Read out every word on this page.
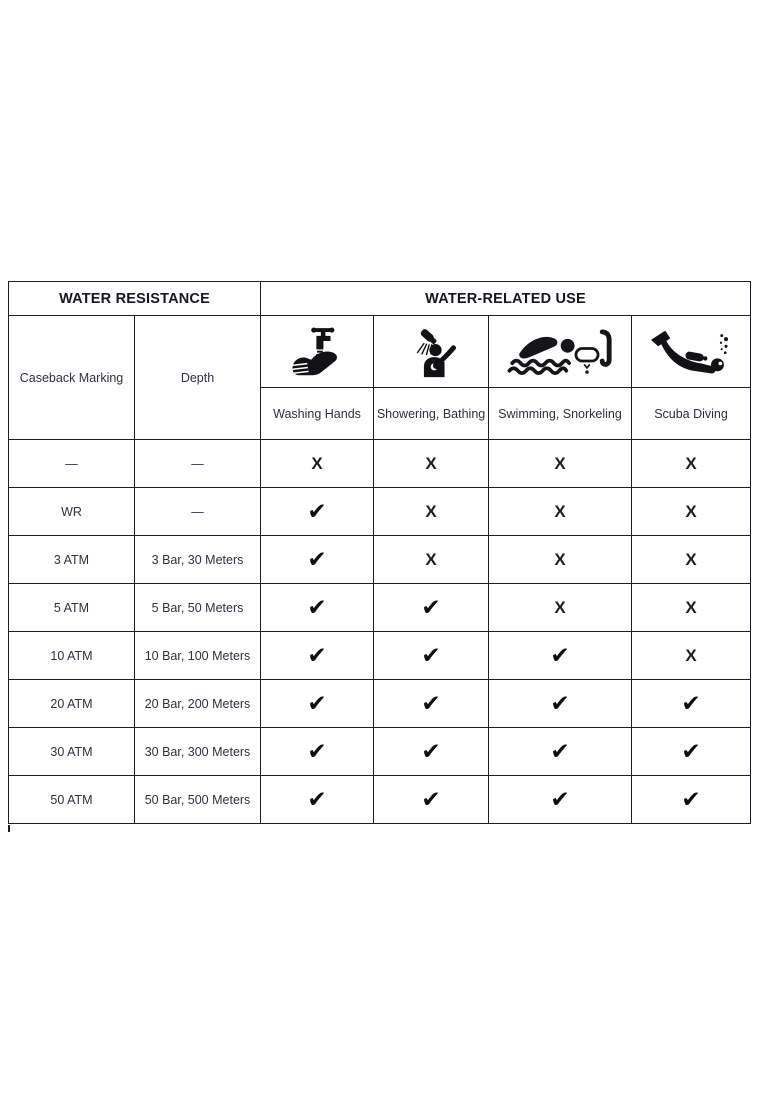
WATER RESISTANCE		WATER-RELATED USE			
Caseback Marking	Depth	

		Washing Hands	Showering, Bathing	Swimming, Snorkeling	Scuba Diving
—	—	X	X	X	X
WR	—	✔	X	X	X
3 ATM	3 Bar, 30 Meters	✔	X	X	X
5 ATM	5 Bar, 50 Meters	✔	✔	X	X
10 ATM	10 Bar, 100 Meters	✔	✔	✔	X
20 ATM	20 Bar, 200 Meters	✔	✔	✔	✔
30 ATM	30 Bar, 300 Meters	✔	✔	✔	✔
50 ATM	50 Bar, 500 Meters	✔	✔	✔	✔
